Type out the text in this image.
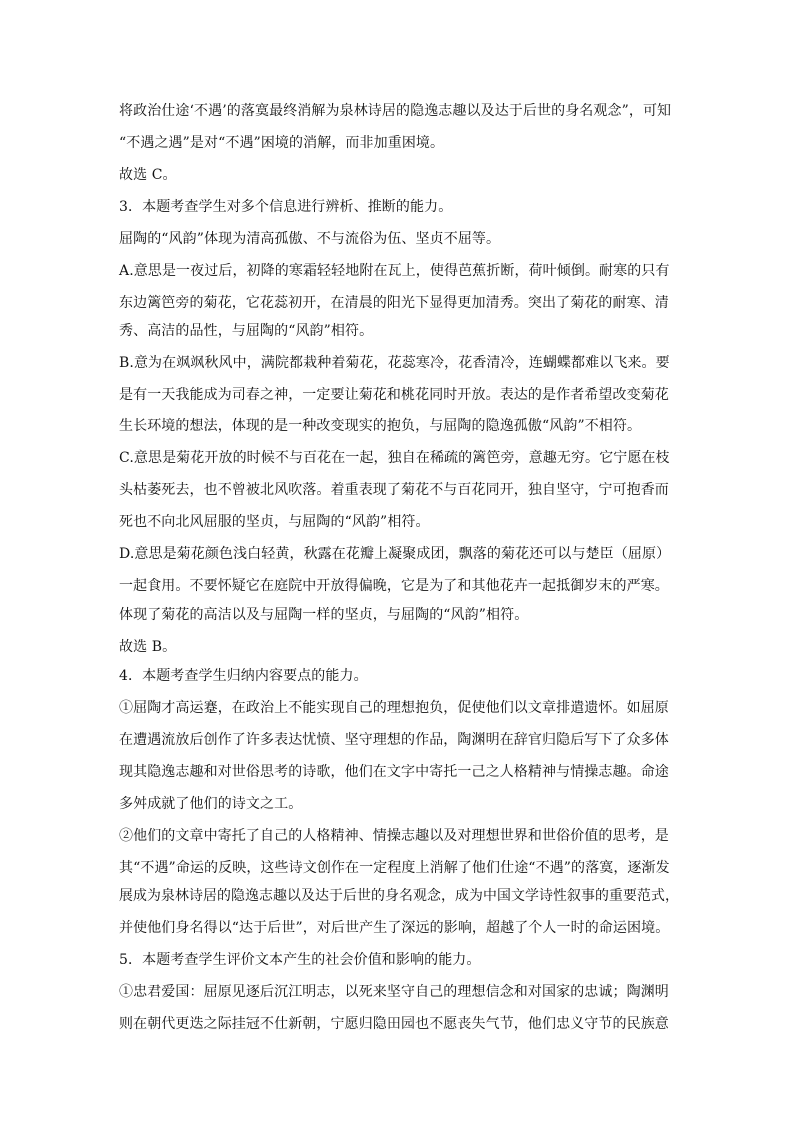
将政治仕途‘不遇’的落寞最终消解为泉林诗居的隐逸志趣以及达于后世的身名观念”，可知
“不遇之遇”是对“不遇”困境的消解，而非加重困境。
故选 C。
3．本题考查学生对多个信息进行辨析、推断的能力。
屈陶的“风韵”体现为清高孤傲、不与流俗为伍、坚贞不屈等。
A.意思是一夜过后，初降的寒霜轻轻地附在瓦上，使得芭蕉折断，荷叶倾倒。耐寒的只有
东边篱笆旁的菊花，它花蕊初开，在清晨的阳光下显得更加清秀。突出了菊花的耐寒、清
秀、高洁的品性，与屈陶的“风韵”相符。
B.意为在飒飒秋风中，满院都栽种着菊花，花蕊寒冷，花香清冷，连蝴蝶都难以飞来。要
是有一天我能成为司春之神，一定要让菊花和桃花同时开放。表达的是作者希望改变菊花
生长环境的想法，体现的是一种改变现实的抱负，与屈陶的隐逸孤傲“风韵”不相符。
C.意思是菊花开放的时候不与百花在一起，独自在稀疏的篱笆旁，意趣无穷。它宁愿在枝
头枯萎死去，也不曾被北风吹落。着重表现了菊花不与百花同开，独自坚守，宁可抱香而
死也不向北风屈服的坚贞，与屈陶的“风韵”相符。
D.意思是菊花颜色浅白轻黄，秋露在花瓣上凝聚成团，飘落的菊花还可以与楚臣（屈原）
一起食用。不要怀疑它在庭院中开放得偏晚，它是为了和其他花卉一起抵御岁末的严寒。
体现了菊花的高洁以及与屈陶一样的坚贞，与屈陶的“风韵”相符。
故选 B。
4．本题考查学生归纳内容要点的能力。
①屈陶才高运蹇，在政治上不能实现自己的理想抱负，促使他们以文章排遣遗怀。如屈原
在遭遇流放后创作了许多表达忧愤、坚守理想的作品，陶渊明在辞官归隐后写下了众多体
现其隐逸志趣和对世俗思考的诗歌，他们在文字中寄托一己之人格精神与情操志趣。命途
多舛成就了他们的诗文之工。
②他们的文章中寄托了自己的人格精神、情操志趣以及对理想世界和世俗价值的思考，是
其“不遇”命运的反映，这些诗文创作在一定程度上消解了他们仕途“不遇”的落寞，逐渐发
展成为泉林诗居的隐逸志趣以及达于后世的身名观念，成为中国文学诗性叙事的重要范式，
并使他们身名得以“达于后世”，对后世产生了深远的影响，超越了个人一时的命运困境。
5．本题考查学生评价文本产生的社会价值和影响的能力。
①忠君爱国：屈原见逐后沉江明志，以死来坚守自己的理想信念和对国家的忠诚；陶渊明
则在朝代更迭之际挂冠不仕新朝，宁愿归隐田园也不愿丧失气节，他们忠义守节的民族意
